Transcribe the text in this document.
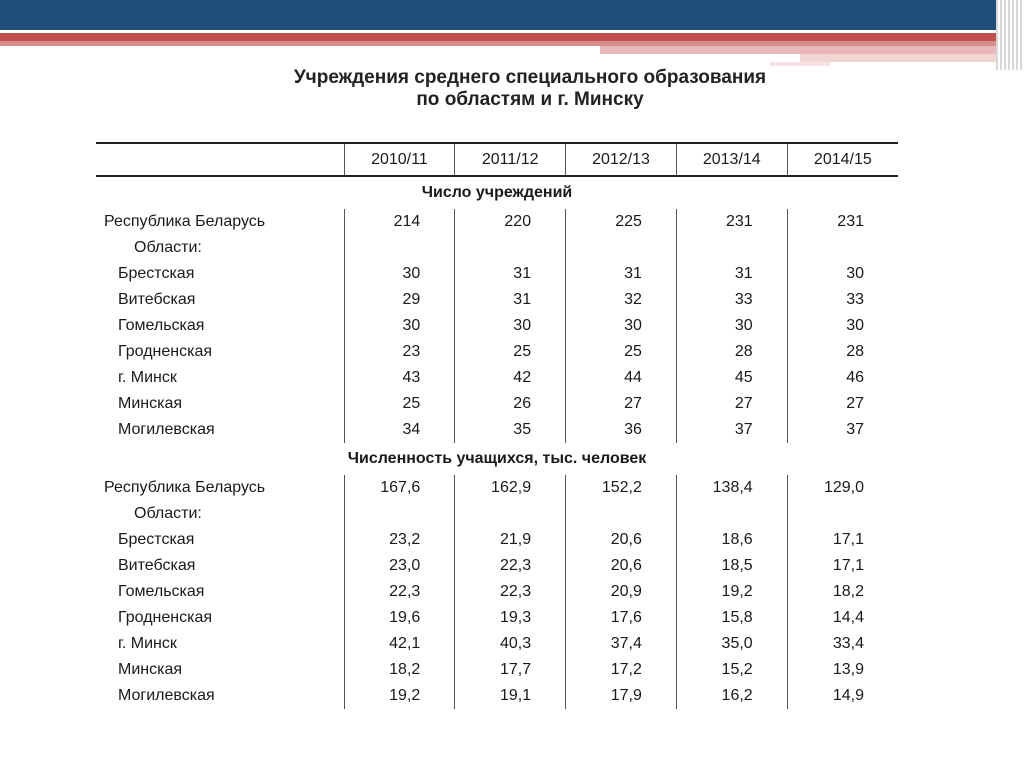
Учреждения среднего специального образования
по областям и г. Минску
	2010/11	2011/12	2012/13	2013/14	2014/15
Число учреждений					
Республика Беларусь	214	220	225	231	231
Области:					
Брестская	30	31	31	31	30
Витебская	29	31	32	33	33
Гомельская	30	30	30	30	30
Гродненская	23	25	25	28	28
г. Минск	43	42	44	45	46
Минская	25	26	27	27	27
Могилевская	34	35	36	37	37
Численность учащихся, тыс. человек					
Республика Беларусь	167,6	162,9	152,2	138,4	129,0
Области:					
Брестская	23,2	21,9	20,6	18,6	17,1
Витебская	23,0	22,3	20,6	18,5	17,1
Гомельская	22,3	22,3	20,9	19,2	18,2
Гродненская	19,6	19,3	17,6	15,8	14,4
г. Минск	42,1	40,3	37,4	35,0	33,4
Минская	18,2	17,7	17,2	15,2	13,9
Могилевская	19,2	19,1	17,9	16,2	14,9
